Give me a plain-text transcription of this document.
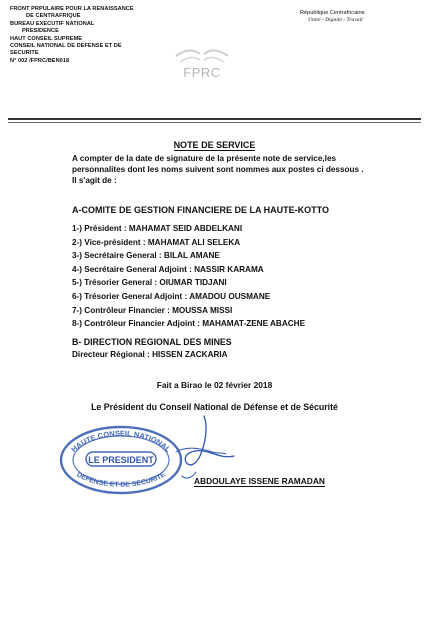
FRONT PRPULAIRE POUR LA RENAISSANCE
DE CENTRAFRIQUE
BUREAU EXECUTIF NATIONAL
PRESIDENCE
HAUT CONSEIL SUPREME
CONSEIL NATIONAL DE DEFENSE ET DE
SECURITE
N° 002 /FPRC/BEN018
République Centrafricaine
Unité - Dignité - Travail
FPRC
NOTE DE SERVICE
A compter de la date de signature de la présente note de service,les personnalites dont les noms suivent sont nommes aux postes ci dessous .
Il s'agit de :
A-COMITE DE GESTION FINANCIERE DE LA HAUTE-KOTTO
1-) Président : MAHAMAT SEID ABDELKANI
2-) Vice-président : MAHAMAT ALI SELEKA
3-) Secrétaire General : BILAL AMANE
4-) Secrétaire General Adjoint : NASSIR KARAMA
5-) Trésorier General : OIUMAR TIDJANI
6-) Trésorier General Adjoint : AMADOU OUSMANE
7-) Contrôleur Financier : MOUSSA MISSI
8-) Contrôleur Financier Adjoint : MAHAMAT-ZENE ABACHE
B- DIRECTION REGIONAL DES MINES
Directeur Régional : HISSEN ZACKARIA
Fait a Birao le 02 février 2018
Le Président du Conseil National de Défense et de Sécurité
HAUTE CONSEIL NATIONAL
LE PRESIDENT
DEFENSE ET DE SECURITE
ABDOULAYE ISSENE RAMADAN
